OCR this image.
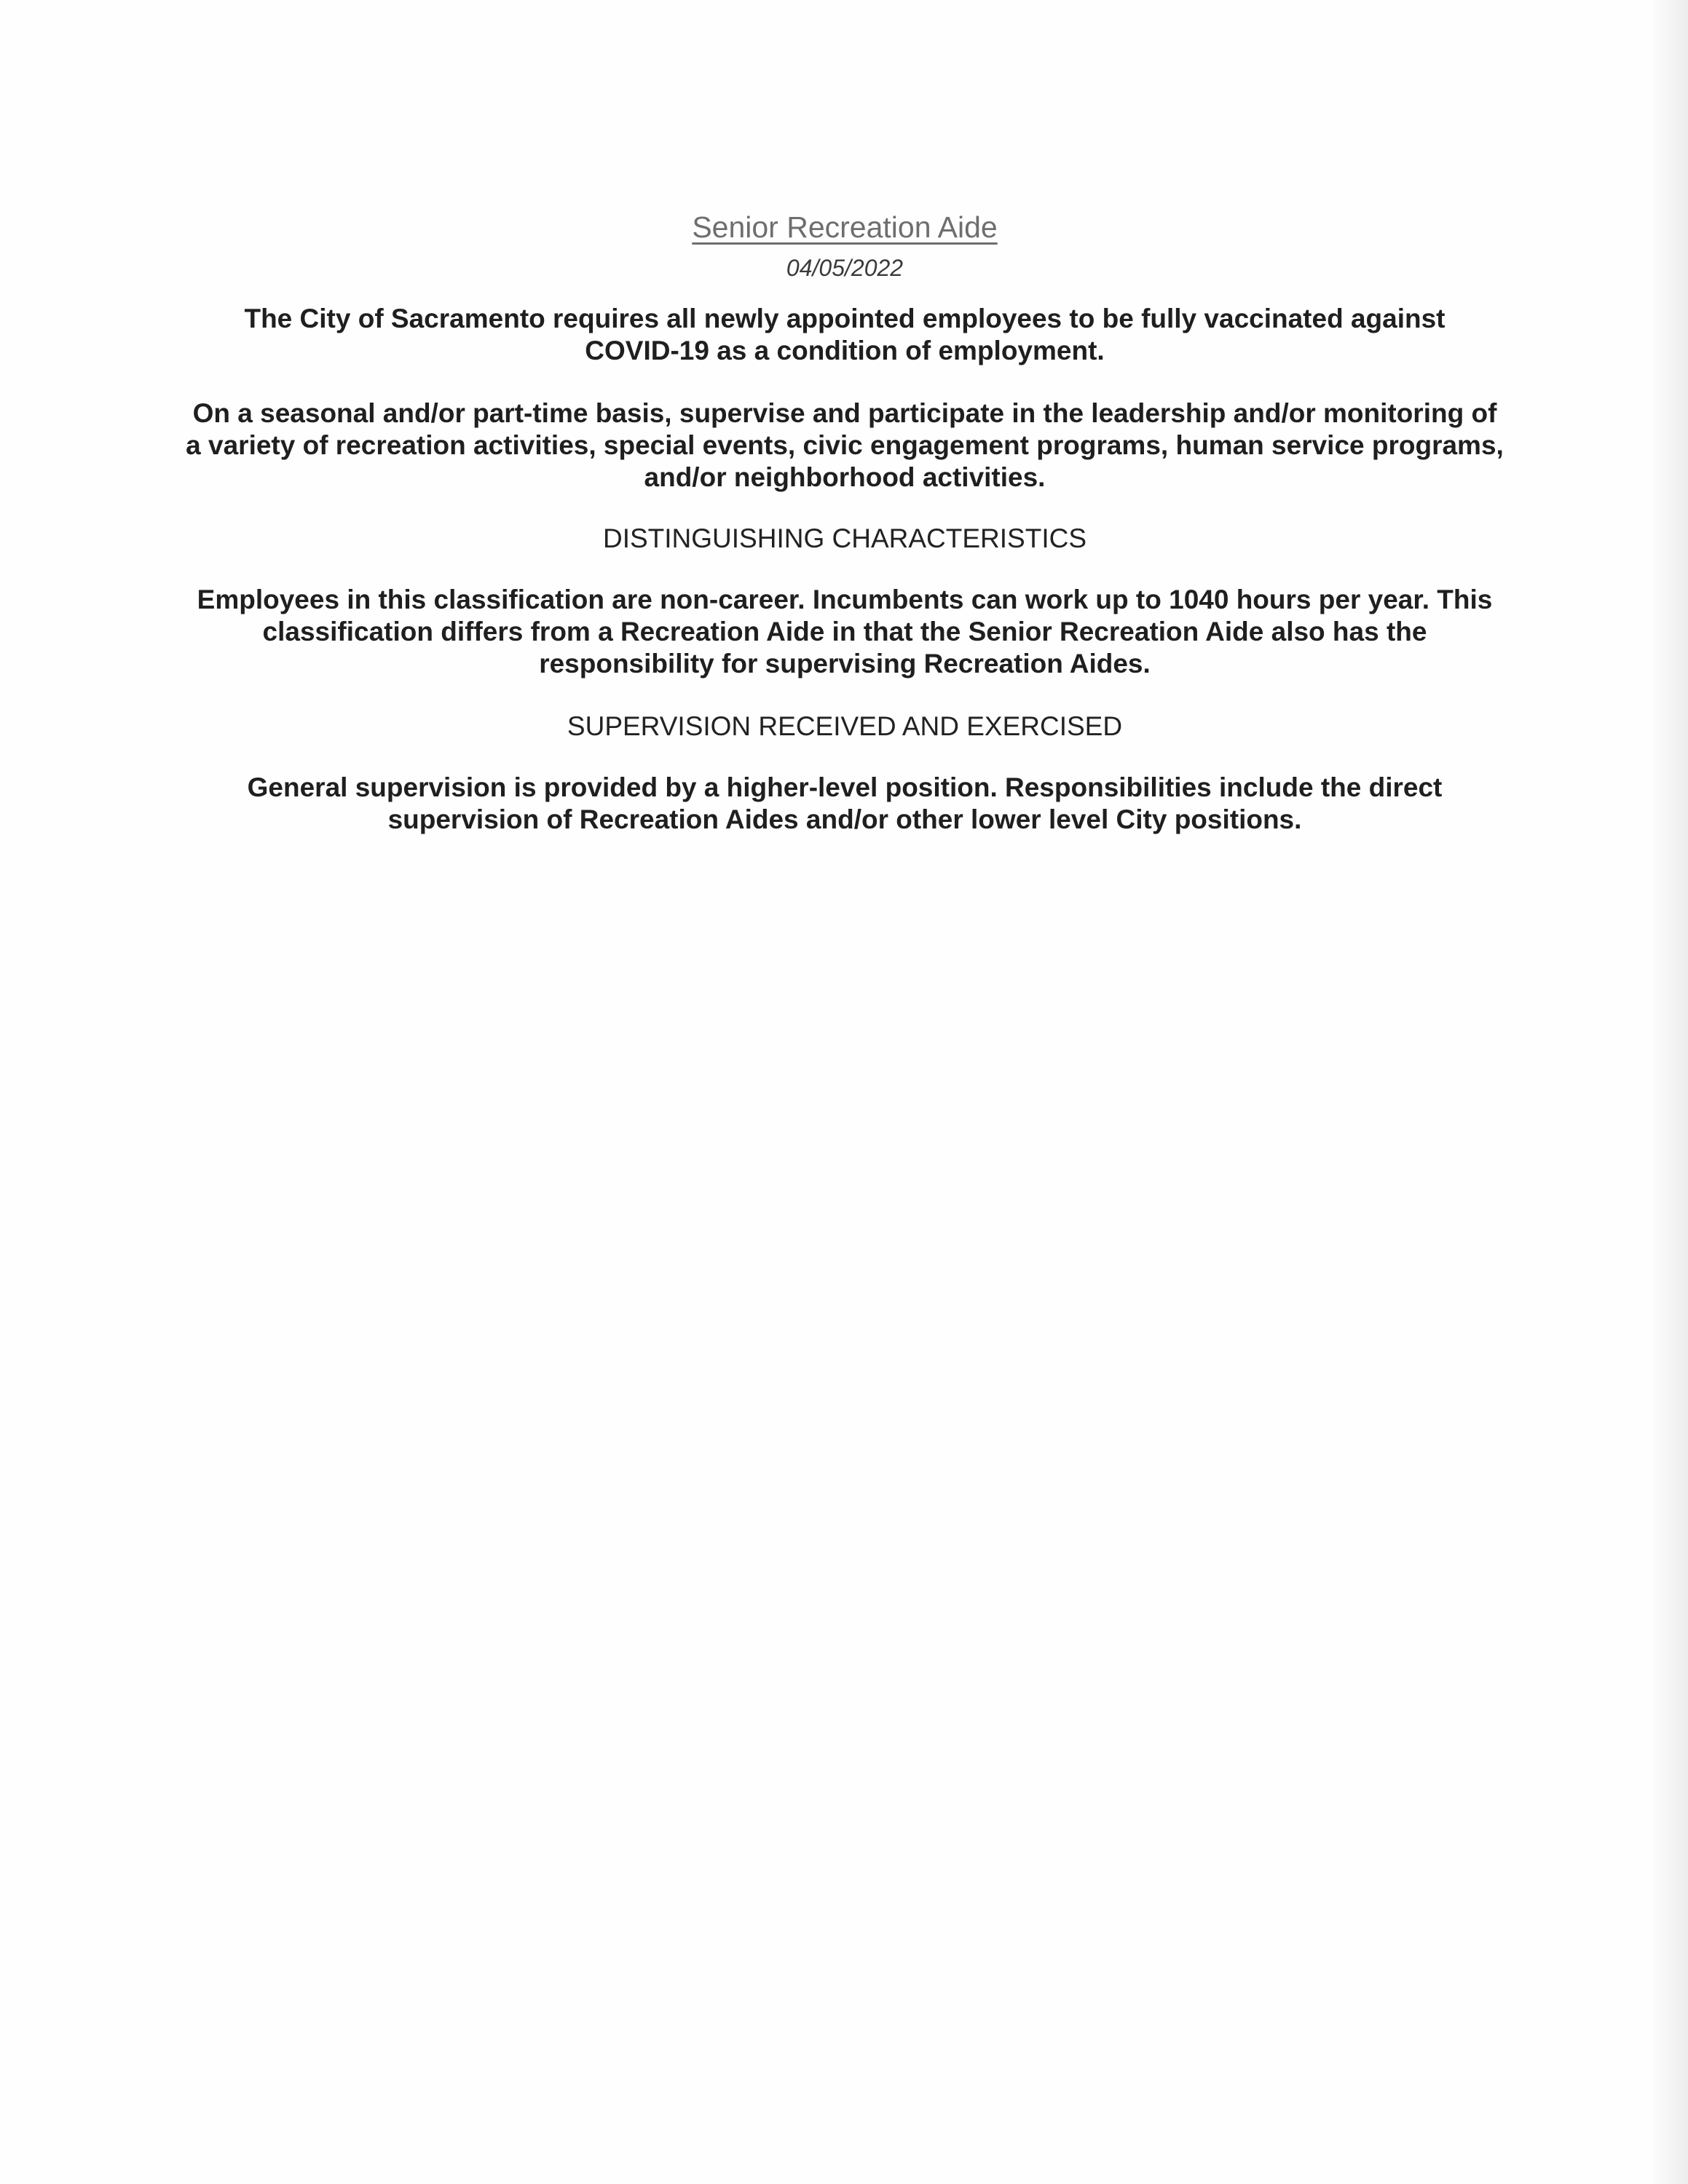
Senior Recreation Aide
04/05/2022

The City of Sacramento requires all newly appointed employees to be fully vaccinated against COVID-19 as a condition of employment.

On a seasonal and/or part-time basis, supervise and participate in the leadership and/or monitoring of a variety of recreation activities, special events, civic engagement programs, human service programs, and/or neighborhood activities.

DISTINGUISHING CHARACTERISTICS

Employees in this classification are non-career. Incumbents can work up to 1040 hours per year. This classification differs from a Recreation Aide in that the Senior Recreation Aide also has the responsibility for supervising Recreation Aides.

SUPERVISION RECEIVED AND EXERCISED

General supervision is provided by a higher-level position. Responsibilities include the direct supervision of Recreation Aides and/or other lower level City positions.
